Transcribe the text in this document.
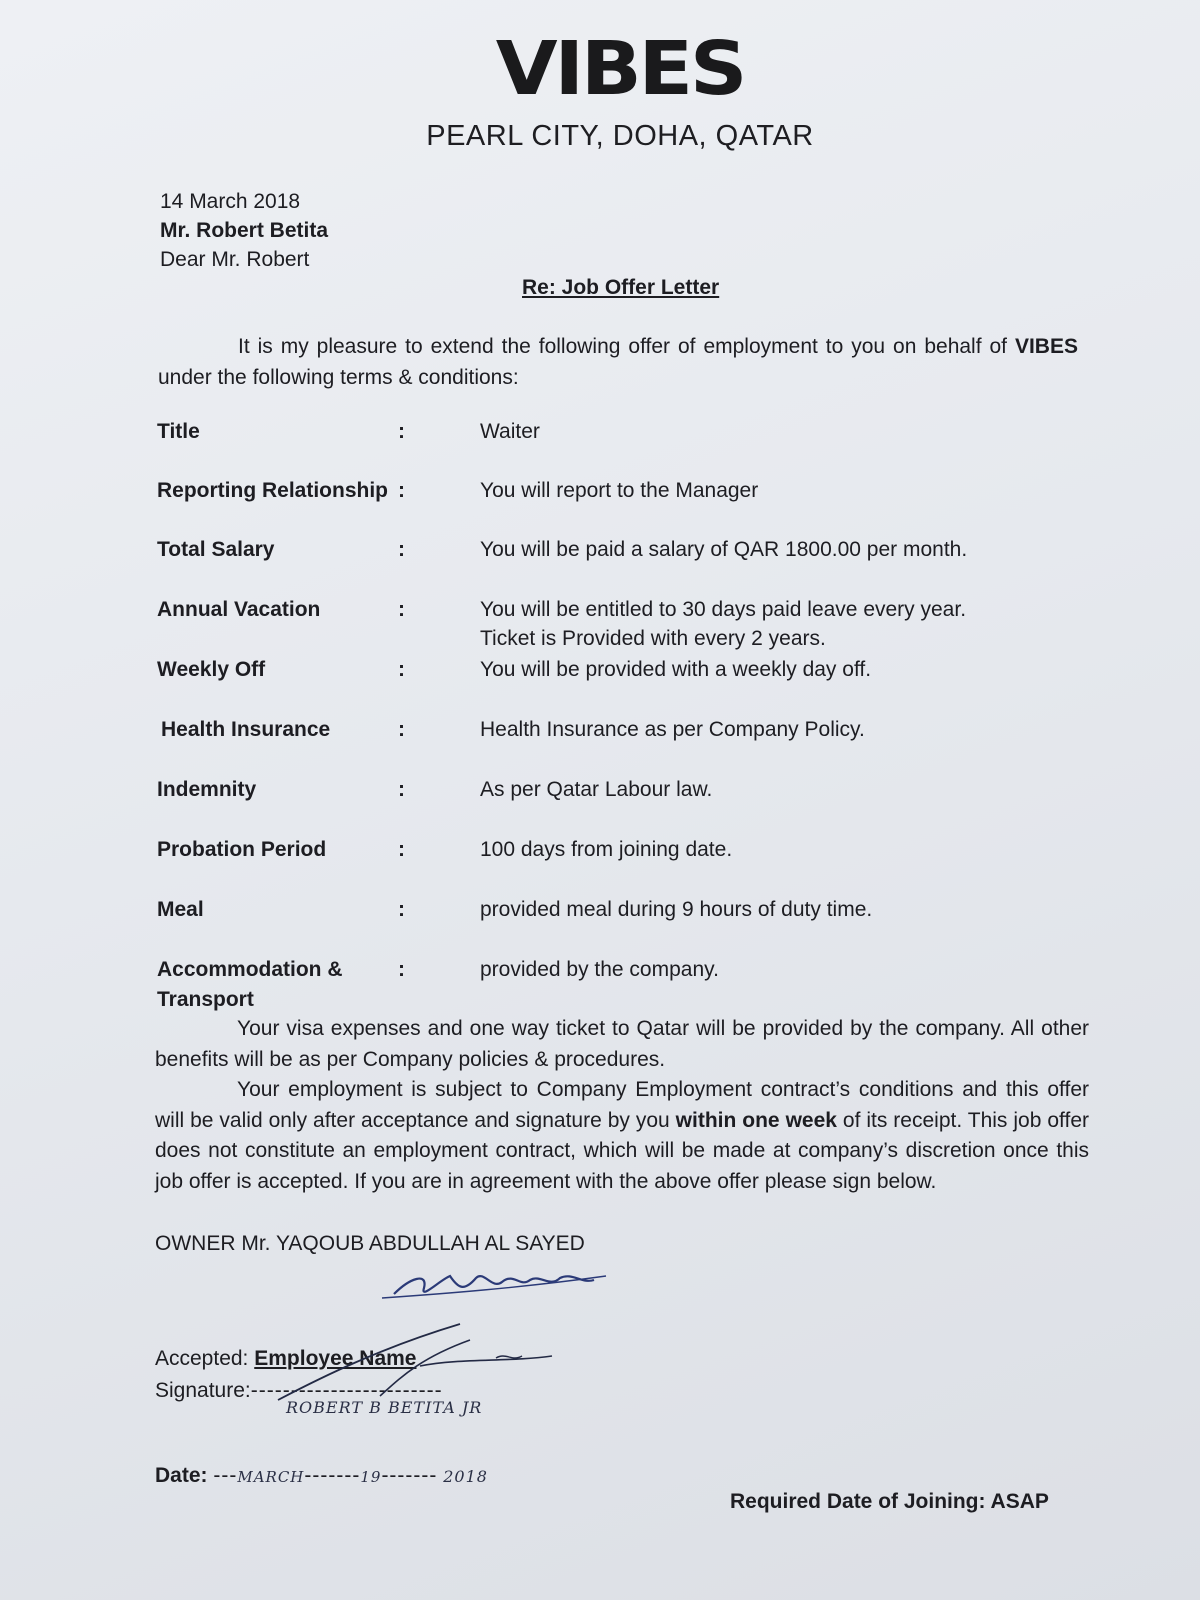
VIBES
PEARL CITY, DOHA, QATAR
14 March 2018
Mr. Robert Betita
Dear Mr. Robert
Re: Job Offer Letter
It is my pleasure to extend the following offer of employment to you on behalf of VIBES under the following terms & conditions:
Title	:	Waiter
Reporting Relationship :	You will report to the Manager
Total Salary	:	You will be paid a salary of QAR 1800.00 per month.
Annual Vacation	:	You will be entitled to 30 days paid leave every year.
Ticket is Provided with every 2 years.
Weekly Off	:	You will be provided with a weekly day off.
Health Insurance	:	Health Insurance as per Company Policy.
Indemnity	:	As per Qatar Labour law.
Probation Period	:	100 days from joining date.
Meal	:	provided meal during 9 hours of duty time.
Accommodation &
Transport
:	provided by the company.
Your visa expenses and one way ticket to Qatar will be provided by the company. All other benefits will be as per Company policies & procedures.
Your employment is subject to Company Employment contract’s conditions and this offer will be valid only after acceptance and signature by you within one week of its receipt. This job offer does not constitute an employment contract, which will be made at company’s discretion once this job offer is accepted. If you are in agreement with the above offer please sign below.
OWNER Mr. YAQOUB ABDULLAH AL SAYED
Accepted: Employee Name
Signature:------------------------
ROBERT B BETITA JR
Date: ---MARCH-------19------- 2018
Required Date of Joining: ASAP
